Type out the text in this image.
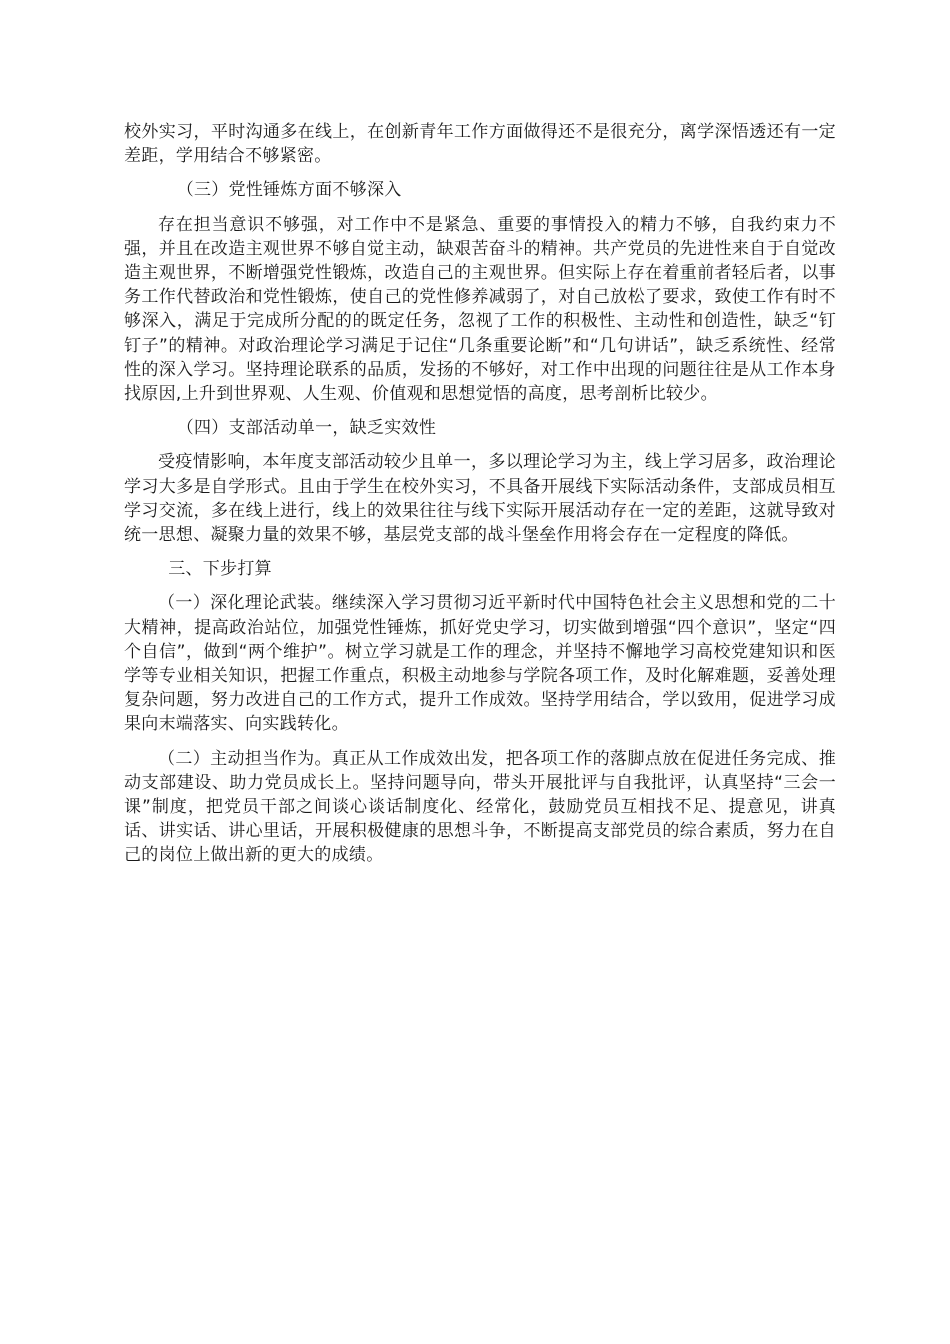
校外实习，平时沟通多在线上，在创新青年工作方面做得还不是很充分，离学深悟透还有一定差距，学用结合不够紧密。

（三）党性锤炼方面不够深入

存在担当意识不够强，对工作中不是紧急、重要的事情投入的精力不够，自我约束力不强，并且在改造主观世界不够自觉主动，缺艰苦奋斗的精神。共产党员的先进性来自于自觉改造主观世界，不断增强党性锻炼，改造自己的主观世界。但实际上存在着重前者轻后者，以事务工作代替政治和党性锻炼，使自己的党性修养减弱了，对自己放松了要求，致使工作有时不够深入，满足于完成所分配的的既定任务，忽视了工作的积极性、主动性和创造性，缺乏“钉钉子”的精神。对政治理论学习满足于记住“几条重要论断”和“几句讲话”，缺乏系统性、经常性的深入学习。坚持理论联系的品质，发扬的不够好，对工作中出现的问题往往是从工作本身找原因,上升到世界观、人生观、价值观和思想觉悟的高度，思考剖析比较少。

（四）支部活动单一，缺乏实效性

受疫情影响，本年度支部活动较少且单一，多以理论学习为主，线上学习居多，政治理论学习大多是自学形式。且由于学生在校外实习，不具备开展线下实际活动条件，支部成员相互学习交流，多在线上进行，线上的效果往往与线下实际开展活动存在一定的差距，这就导致对统一思想、凝聚力量的效果不够，基层党支部的战斗堡垒作用将会存在一定程度的降低。

三、下步打算

（一）深化理论武装。继续深入学习贯彻习近平新时代中国特色社会主义思想和党的二十大精神，提高政治站位，加强党性锤炼，抓好党史学习，切实做到增强“四个意识”，坚定“四个自信”，做到“两个维护”。树立学习就是工作的理念，并坚持不懈地学习高校党建知识和医学等专业相关知识，把握工作重点，积极主动地参与学院各项工作，及时化解难题，妥善处理复杂问题，努力改进自己的工作方式，提升工作成效。坚持学用结合，学以致用，促进学习成果向末端落实、向实践转化。

（二）主动担当作为。真正从工作成效出发，把各项工作的落脚点放在促进任务完成、推动支部建设、助力党员成长上。坚持问题导向，带头开展批评与自我批评，认真坚持“三会一课”制度，把党员干部之间谈心谈话制度化、经常化，鼓励党员互相找不足、提意见，讲真话、讲实话、讲心里话，开展积极健康的思想斗争，不断提高支部党员的综合素质，努力在自己的岗位上做出新的更大的成绩。
